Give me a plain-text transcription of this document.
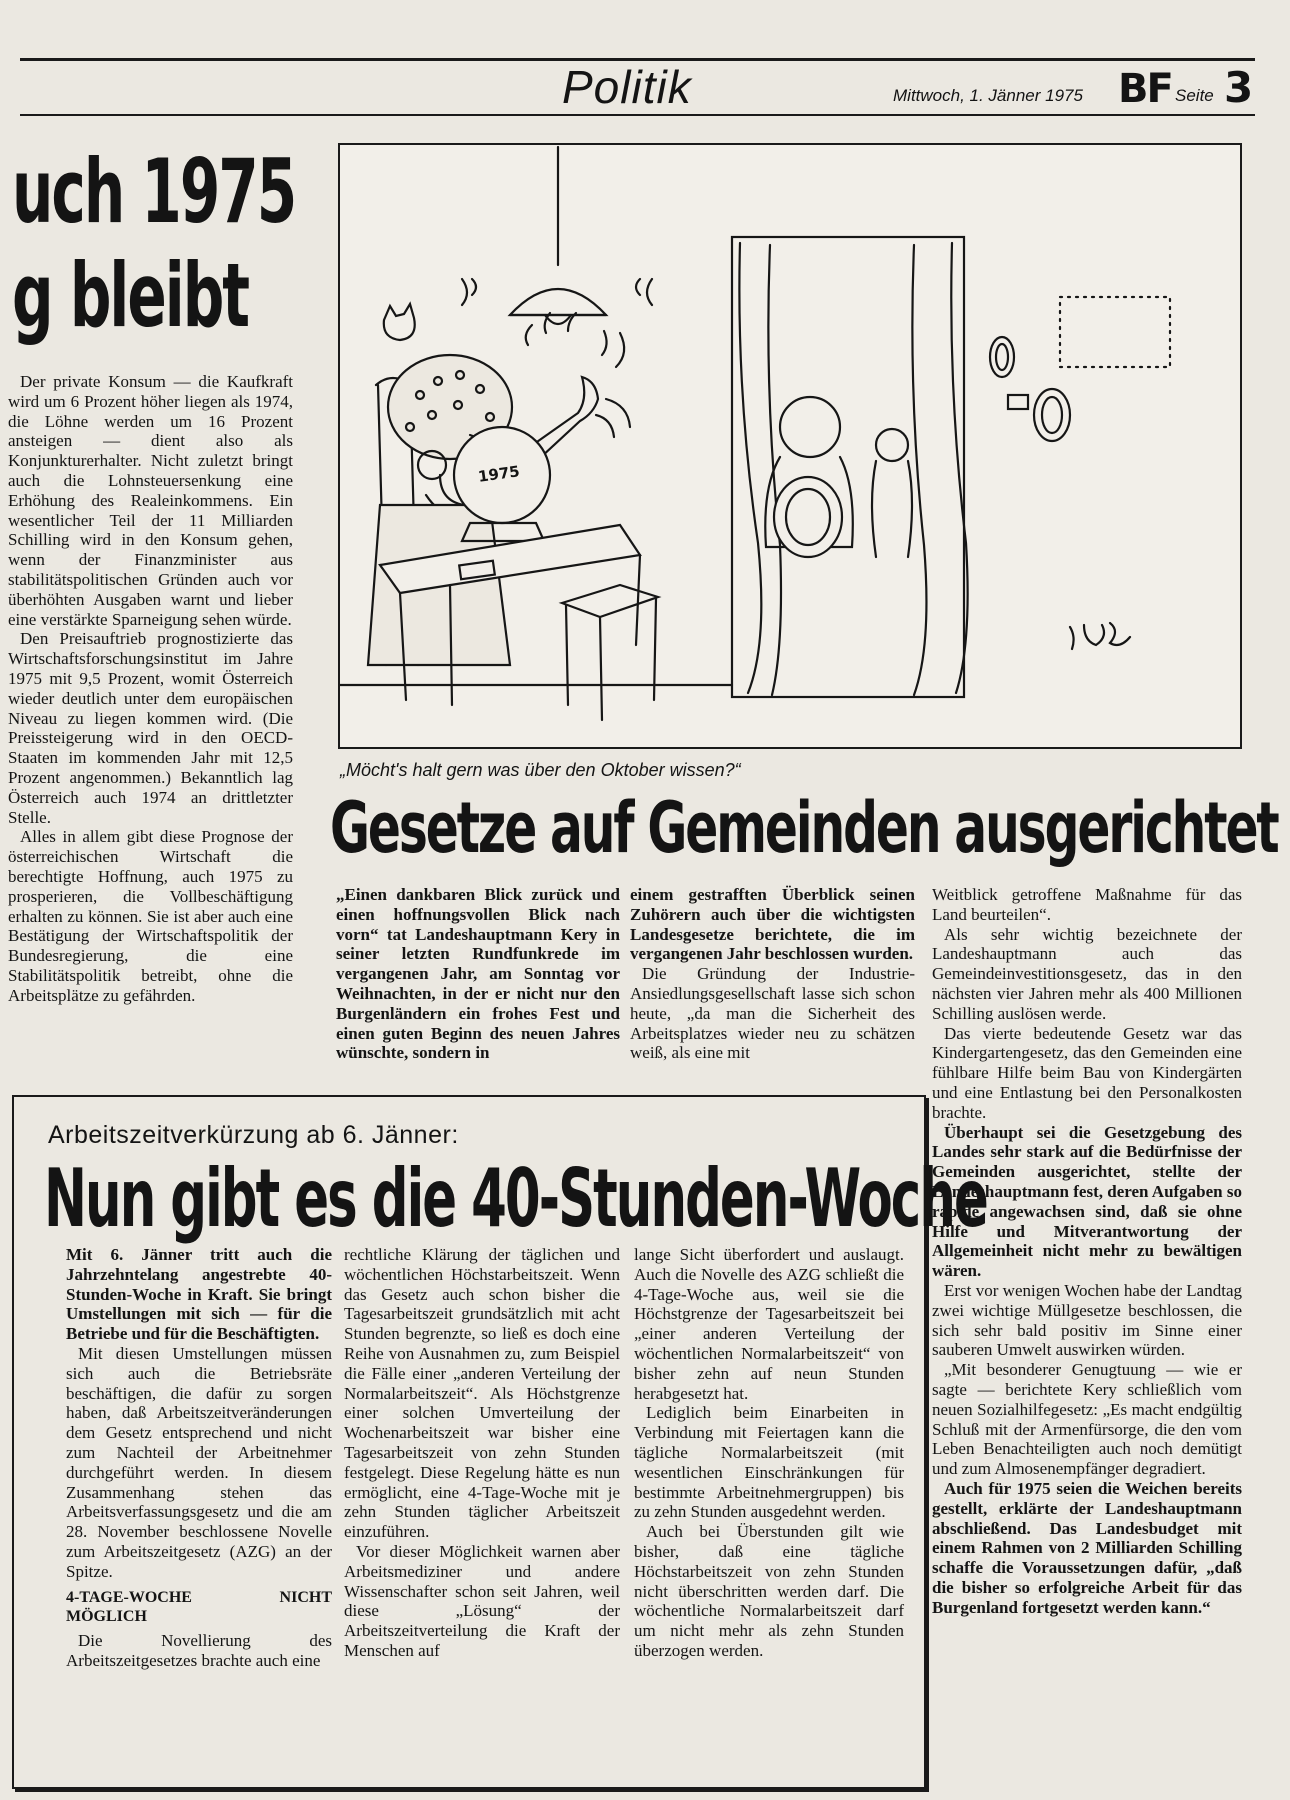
Politik	Mittwoch, 1. Jänner 1975 BF Seite 3
uch 1975
g bleibt

Der private Konsum — die Kaufkraft wird um 6 Prozent höher liegen als 1974, die Löhne werden um 16 Prozent ansteigen — dient also als Konjunkturerhalter. Nicht zuletzt bringt auch die Lohnsteuersenkung eine Erhöhung des Realeinkommens. Ein wesentlicher Teil der 11 Milliarden Schilling wird in den Konsum gehen, wenn der Finanzminister aus stabilitätspolitischen Gründen auch vor überhöhten Ausgaben warnt und lieber eine verstärkte Sparneigung sehen würde.

Den Preisauftrieb prognostizierte das Wirtschaftsforschungsinstitut im Jahre 1975 mit 9,5 Prozent, womit Österreich wieder deutlich unter dem europäischen Niveau zu liegen kommen wird. (Die Preissteigerung wird in den OECD-Staaten im kommenden Jahr mit 12,5 Prozent angenommen.) Bekanntlich lag Österreich auch 1974 an drittletzter Stelle.

Alles in allem gibt diese Prognose der österreichischen Wirtschaft die berechtigte Hoffnung, auch 1975 zu prosperieren, die Vollbeschäftigung erhalten zu können. Sie ist aber auch eine Bestätigung der Wirtschaftspolitik der Bundesregierung, die eine Stabilitätspolitik betreibt, ohne die Arbeitsplätze zu gefährden.

1975
„Möcht's halt gern was über den Oktober wissen?“
Gesetze auf Gemeinden ausgerichtet

„Einen dankbaren Blick zurück und einen hoffnungsvollen Blick nach vorn“ tat Landeshauptmann Kery in seiner letzten Rundfunkrede im vergangenen Jahr, am Sonntag vor Weihnachten, in der er nicht nur den Burgenländern ein frohes Fest und einen guten Beginn des neuen Jahres wünschte, sondern in

einem gestrafften Überblick seinen Zuhörern auch über die wichtigsten Landesgesetze berichtete, die im vergangenen Jahr beschlossen wurden.

Die Gründung der Industrie-Ansiedlungsgesellschaft lasse sich schon heute, „da man die Sicherheit des Arbeitsplatzes wieder neu zu schätzen weiß, als eine mit

Weitblick getroffene Maßnahme für das Land beurteilen“.

Als sehr wichtig bezeichnete der Landeshauptmann auch das Gemeindeinvestitionsgesetz, das in den nächsten vier Jahren mehr als 400 Millionen Schilling auslösen werde.

Das vierte bedeutende Gesetz war das Kindergartengesetz, das den Gemeinden eine fühlbare Hilfe beim Bau von Kindergärten und eine Entlastung bei den Personalkosten brachte.

Überhaupt sei die Gesetzgebung des Landes sehr stark auf die Bedürfnisse der Gemeinden ausgerichtet, stellte der Landeshauptmann fest, deren Aufgaben so rapide angewachsen sind, daß sie ohne Hilfe und Mitverantwortung der Allgemeinheit nicht mehr zu bewältigen wären.

Erst vor wenigen Wochen habe der Landtag zwei wichtige Müllgesetze beschlossen, die sich sehr bald positiv im Sinne einer sauberen Umwelt auswirken würden.

„Mit besonderer Genugtuung — wie er sagte — berichtete Kery schließlich vom neuen Sozialhilfegesetz: „Es macht endgültig Schluß mit der Armenfürsorge, die den vom Leben Benachteiligten auch noch demütigt und zum Almosenempfänger degradiert.

Auch für 1975 seien die Weichen bereits gestellt, erklärte der Landeshauptmann abschließend. Das Landesbudget mit einem Rahmen von 2 Milliarden Schilling schaffe die Voraussetzungen dafür, „daß die bisher so erfolgreiche Arbeit für das Burgenland fortgesetzt werden kann.“

Arbeitszeitverkürzung ab 6. Jänner:
Nun gibt es die 40-Stunden-Woche

Mit 6. Jänner tritt auch die Jahrzehntelang angestrebte 40-Stunden-Woche in Kraft. Sie bringt Umstellungen mit sich — für die Betriebe und für die Beschäftigten.

Mit diesen Umstellungen müssen sich auch die Betriebsräte beschäftigen, die dafür zu sorgen haben, daß Arbeitszeitveränderungen dem Gesetz entsprechend und nicht zum Nachteil der Arbeitnehmer durchgeführt werden. In diesem Zusammenhang stehen das Arbeitsverfassungsgesetz und die am 28. November beschlossene Novelle zum Arbeitszeitgesetz (AZG) an der Spitze.

4-TAGE-WOCHE NICHT MÖGLICH

Die Novellierung des Arbeitszeitgesetzes brachte auch eine

rechtliche Klärung der täglichen und wöchentlichen Höchstarbeitszeit. Wenn das Gesetz auch schon bisher die Tagesarbeitszeit grundsätzlich mit acht Stunden begrenzte, so ließ es doch eine Reihe von Ausnahmen zu, zum Beispiel die Fälle einer „anderen Verteilung der Normalarbeitszeit“. Als Höchstgrenze einer solchen Umverteilung der Wochenarbeitszeit war bisher eine Tagesarbeitszeit von zehn Stunden festgelegt. Diese Regelung hätte es nun ermöglicht, eine 4-Tage-Woche mit je zehn Stunden täglicher Arbeitszeit einzuführen.

Vor dieser Möglichkeit warnen aber Arbeitsmediziner und andere Wissenschafter schon seit Jahren, weil diese „Lösung“ der Arbeitszeitverteilung die Kraft der Menschen auf

lange Sicht überfordert und auslaugt. Auch die Novelle des AZG schließt die 4-Tage-Woche aus, weil sie die Höchstgrenze der Tagesarbeitszeit bei „einer anderen Verteilung der wöchentlichen Normalarbeitszeit“ von bisher zehn auf neun Stunden herabgesetzt hat.

Lediglich beim Einarbeiten in Verbindung mit Feiertagen kann die tägliche Normalarbeitszeit (mit wesentlichen Einschränkungen für bestimmte Arbeitnehmergruppen) bis zu zehn Stunden ausgedehnt werden.

Auch bei Überstunden gilt wie bisher, daß eine tägliche Höchstarbeitszeit von zehn Stunden nicht überschritten werden darf. Die wöchentliche Normalarbeitszeit darf um nicht mehr als zehn Stunden überzogen werden.
